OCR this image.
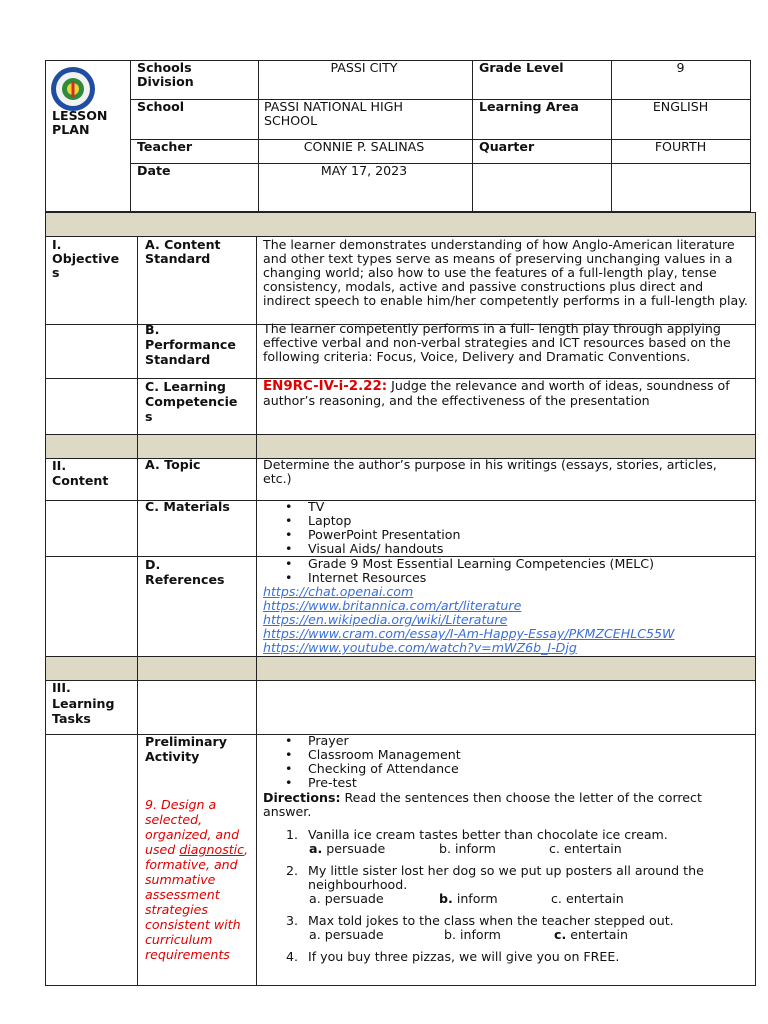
LESSON
PLAN
Schools
Division
PASSI CITY	Grade Level	9
School	PASSI NATIONAL HIGH
SCHOOL
Learning Area	ENGLISH
Teacher	CONNIE P. SALINAS	Quarter	FOURTH
Date	MAY 17, 2023
I.
Objective
s
A. Content
Standard
The learner demonstrates understanding of how Anglo-American literature and other text types serve as means of preserving unchanging values in a changing world; also how to use the features of a full-length play, tense consistency, modals, active and passive constructions plus direct and indirect speech to enable him/her competently performs in a full-length play.
B.
Performance
Standard
The learner competently performs in a full- length play through applying effective verbal and non-verbal strategies and ICT resources based on the following criteria: Focus, Voice, Delivery and Dramatic Conventions.
C. Learning
Competencie
s
EN9RC-IV-i-2.22: Judge the relevance and worth of ideas, soundness of author’s reasoning, and the effectiveness of the presentation
II.
Content
A. Topic	Determine the author’s purpose in his writings (essays, stories, articles, etc.)
C. Materials
•	TV
• Laptop
• PowerPoint Presentation
• Visual Aids/ handouts
D.
References
• Grade 9 Most Essential Learning Competencies (MELC)
• Internet Resources
https://chat.openai.com
https://www.britannica.com/art/literature
https://en.wikipedia.org/wiki/Literature
https://www.cram.com/essay/I-Am-Happy-Essay/PKMZCEHLC55W
https://www.youtube.com/watch?v=mWZ6b_I-Djg
III.
Learning
Tasks
Preliminary
Activity
9. Design a selected, organized, and used diagnostic, formative, and summative assessment strategies consistent with curriculum requirements
• Prayer
• Classroom Management
• Checking of Attendance
• Pre-test
Directions: Read the sentences then choose the letter of the correct answer.
1. Vanilla ice cream tastes better than chocolate ice cream.
a. persuade	b. inform	c. entertain
2. My little sister lost her dog so we put up posters all around the neighbourhood.
a. persuade	b. inform	c. entertain
3. Max told jokes to the class when the teacher stepped out.
a. persuade	b. inform	c. entertain
4. If you buy three pizzas, we will give you on FREE.
